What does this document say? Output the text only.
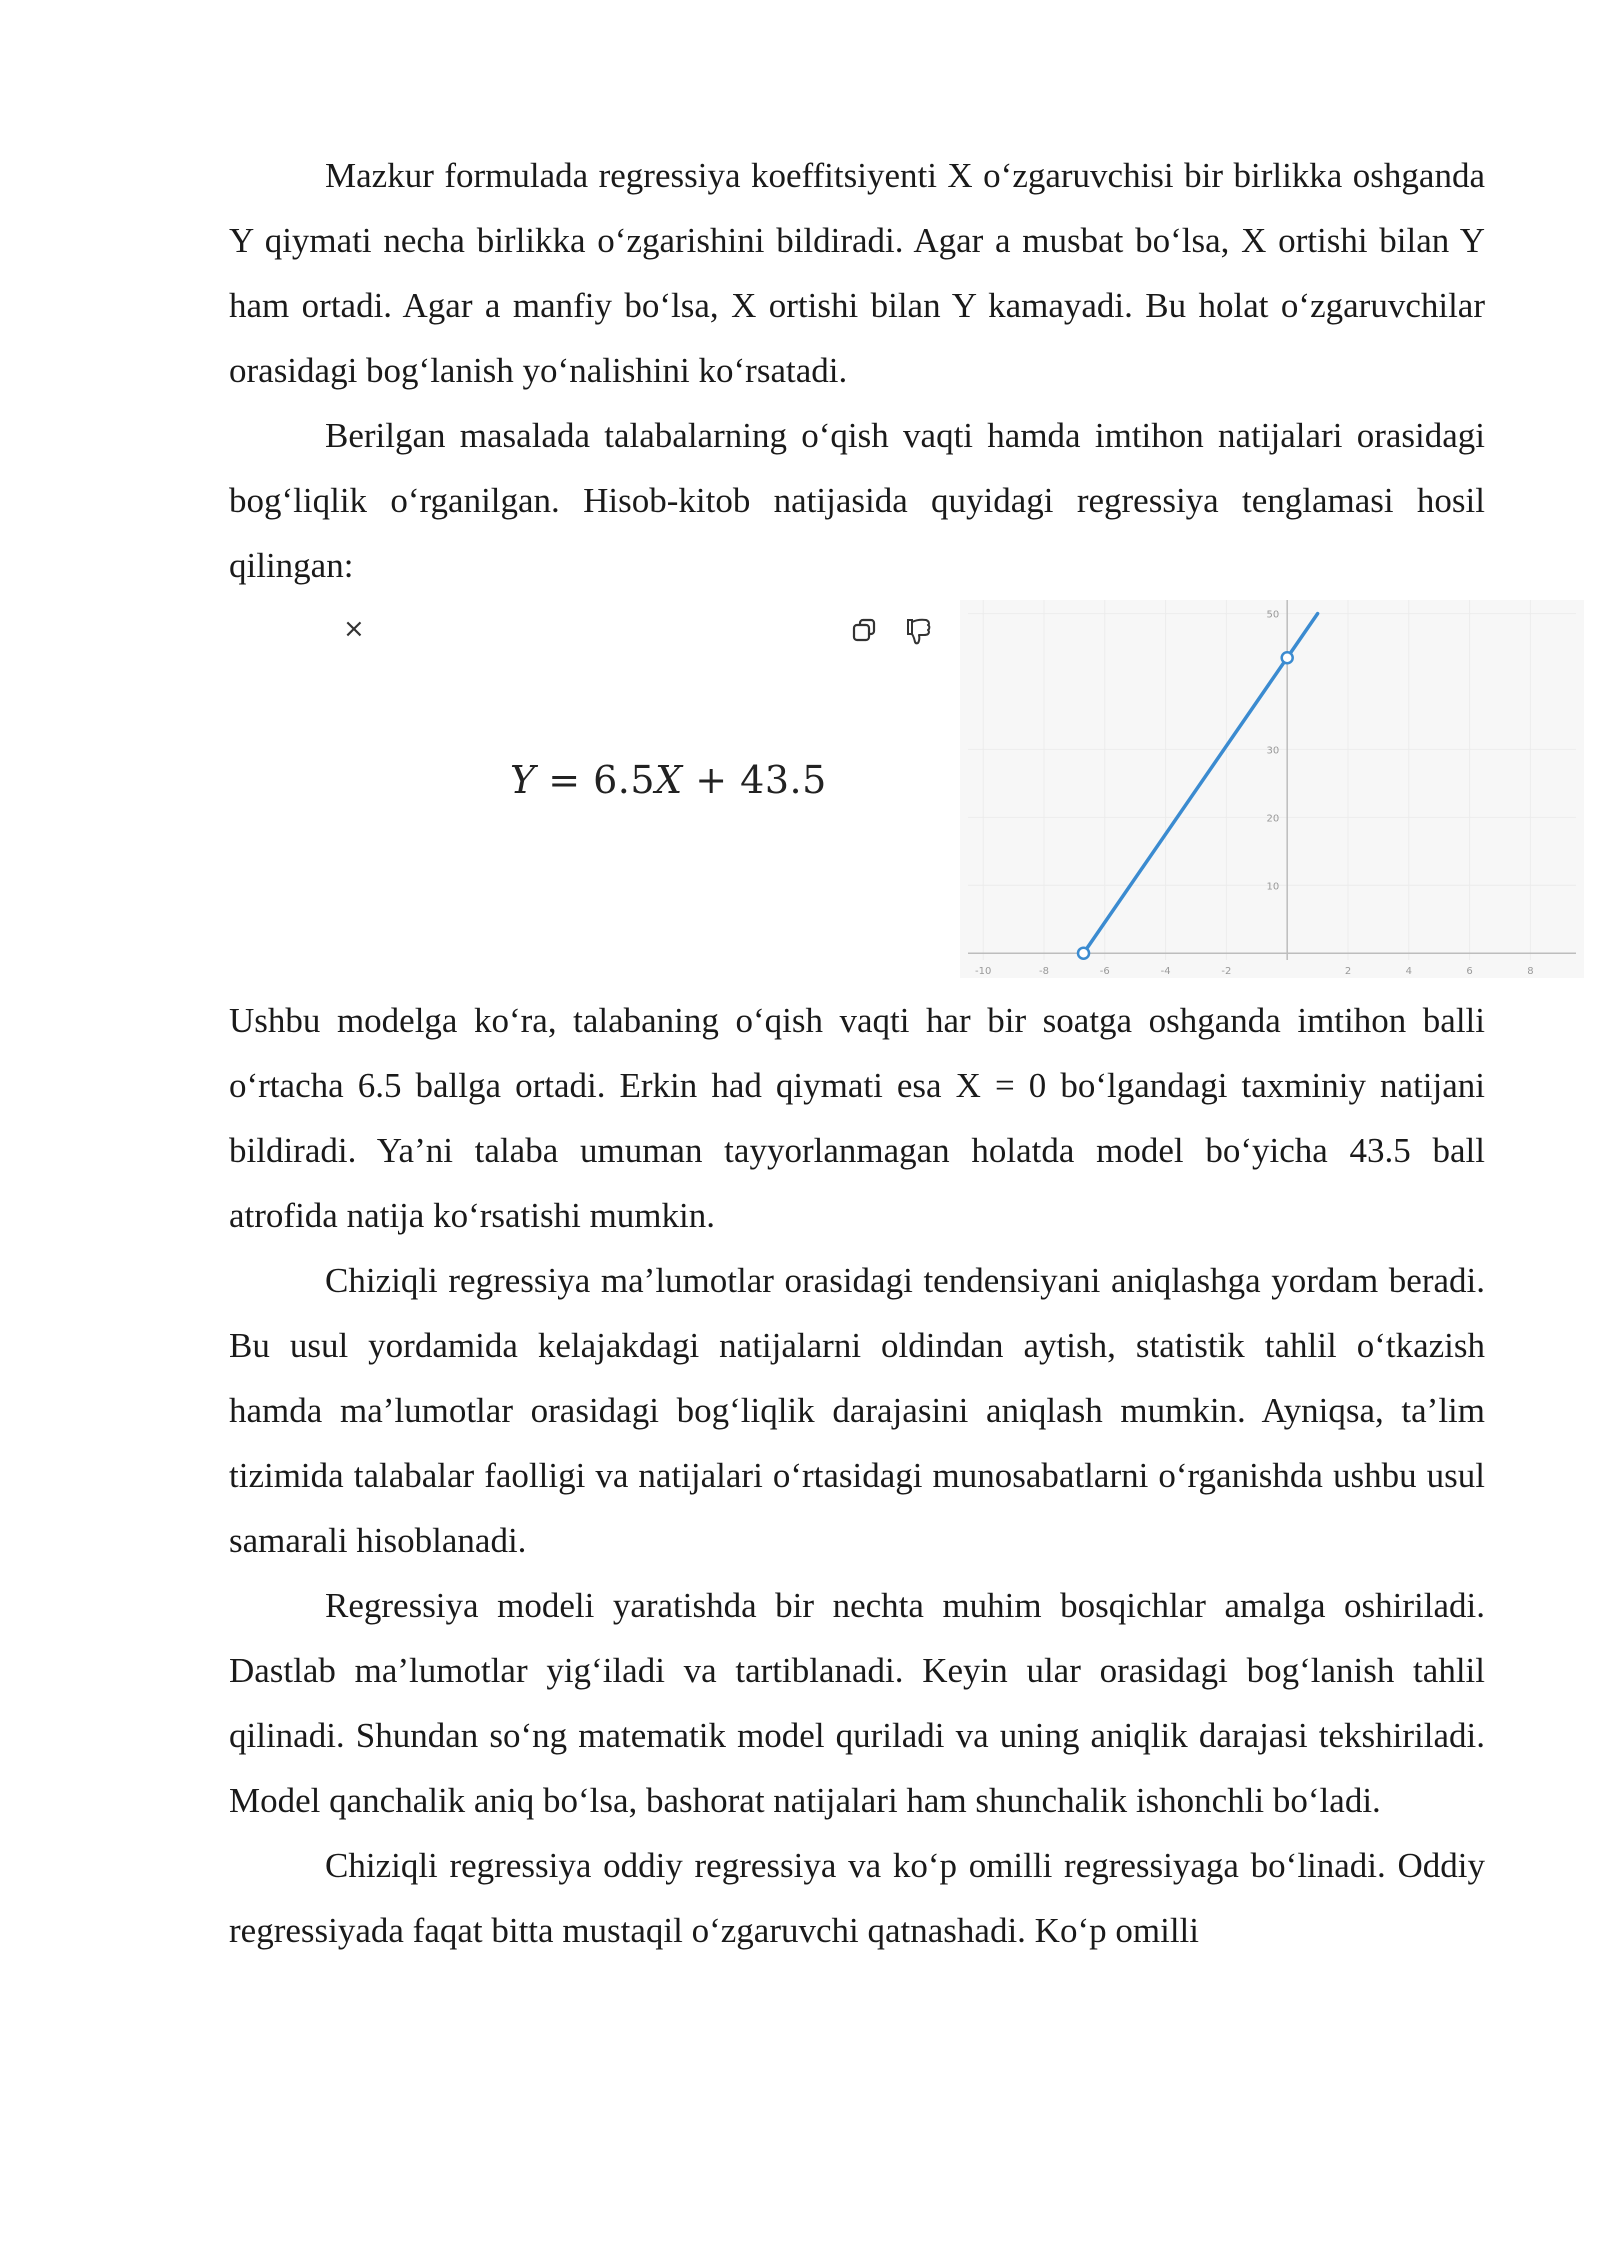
Mazkur formulada regressiya koeffitsiyenti X o‘zgaruvchisi bir birlikka oshganda Y qiymati necha birlikka o‘zgarishini bildiradi. Agar a musbat bo‘lsa, X ortishi bilan Y ham ortadi. Agar a manfiy bo‘lsa, X ortishi bilan Y kamayadi. Bu holat o‘zgaruvchilar orasidagi bog‘lanish yo‘nalishini ko‘rsatadi.

Berilgan masalada talabalarning o‘qish vaqti hamda imtihon natijalari orasidagi bog‘liqlik o‘rganilgan. Hisob-kitob natijasida quyidagi regressiya tenglamasi hosil qilingan:

×
Y = 6.5X + 43.5
-10	-8	-6	-4	-2	2	4	6	8
10
20
30
50

Ushbu modelga ko‘ra, talabaning o‘qish vaqti har bir soatga oshganda imtihon balli o‘rtacha 6.5 ballga ortadi. Erkin had qiymati esa X = 0 bo‘lgandagi taxminiy natijani bildiradi. Ya’ni talaba umuman tayyorlanmagan holatda model bo‘yicha 43.5 ball atrofida natija ko‘rsatishi mumkin.

Chiziqli regressiya ma’lumotlar orasidagi tendensiyani aniqlashga yordam beradi. Bu usul yordamida kelajakdagi natijalarni oldindan aytish, statistik tahlil o‘tkazish hamda ma’lumotlar orasidagi bog‘liqlik darajasini aniqlash mumkin. Ayniqsa, ta’lim tizimida talabalar faolligi va natijalari o‘rtasidagi munosabatlarni o‘rganishda ushbu usul samarali hisoblanadi.

Regressiya modeli yaratishda bir nechta muhim bosqichlar amalga oshiriladi. Dastlab ma’lumotlar yig‘iladi va tartiblanadi. Keyin ular orasidagi bog‘lanish tahlil qilinadi. Shundan so‘ng matematik model quriladi va uning aniqlik darajasi tekshiriladi. Model qanchalik aniq bo‘lsa, bashorat natijalari ham shunchalik ishonchli bo‘ladi.

Chiziqli regressiya oddiy regressiya va ko‘p omilli regressiyaga bo‘linadi. Oddiy regressiyada faqat bitta mustaqil o‘zgaruvchi qatnashadi. Ko‘p omilli
